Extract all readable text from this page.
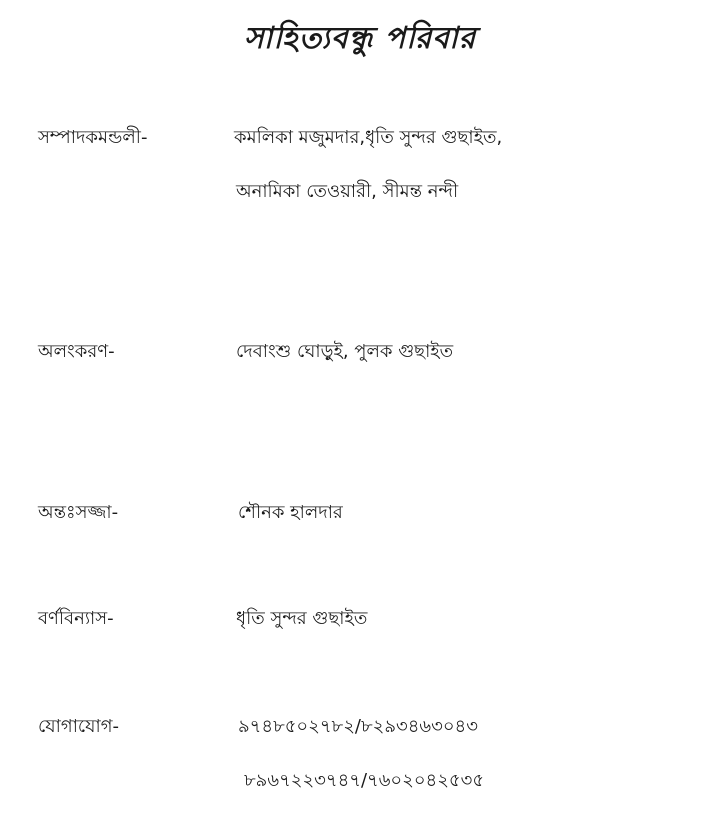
সাহিত্যবন্ধু পরিবার
সম্পাদকমন্ডলী-	কমলিকা মজুমদার,ধৃতি সুন্দর গুছাইত,
অনামিকা তেওয়ারী, সীমন্ত নন্দী
অলংকরণ-	দেবাংশু ঘোড়ুই, পুলক গুছাইত
অন্তঃসজ্জা-	শৌনক হালদার
বর্ণবিন্যাস-	ধৃতি সুন্দর গুছাইত
যোগাযোগ-	৯৭৪৮৫০২৭৮২/৮২৯৩৪৬৩০৪৩
৮৯৬৭২২৩৭৪৭/৭৬০২০৪২৫৩৫
